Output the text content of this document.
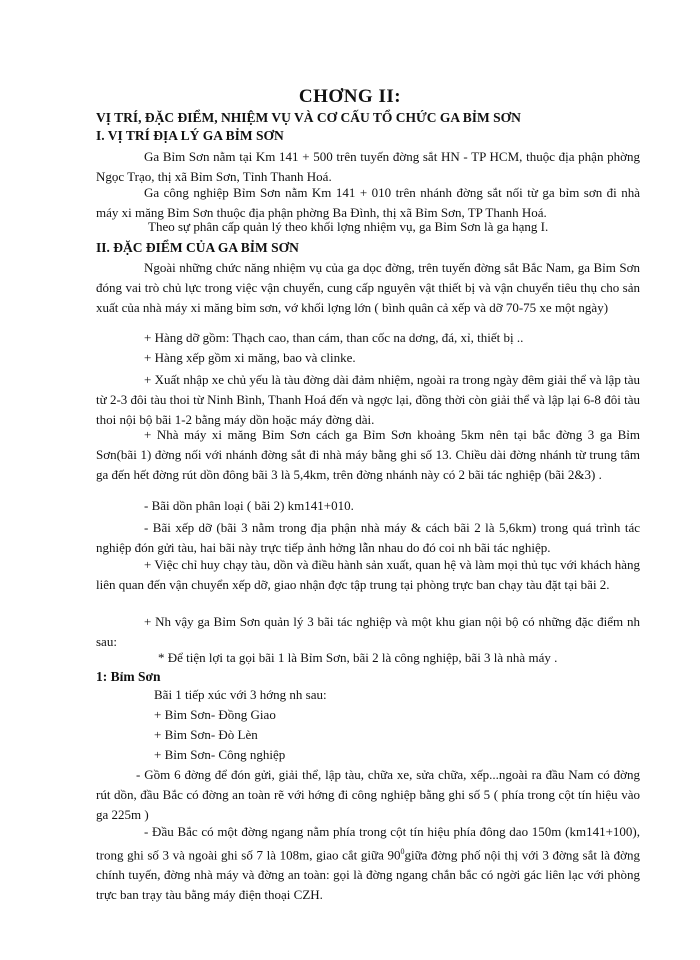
CHƠNG II:
VỊ TRÍ, ĐẶC ĐIỂM, NHIỆM VỤ VÀ CƠ CẤU TỔ CHỨC GA BỈM SƠN
I. VỊ TRÍ ĐỊA LÝ GA BỈM SƠN
Ga Bỉm Sơn nằm tại Km 141 + 500 trên tuyến đờng sắt HN - TP HCM, thuộc địa phận phờng Ngọc Trạo, thị xã Bỉm Sơn, Tỉnh Thanh Hoá.
Ga công nghiệp Bỉm Sơn nằm Km 141 + 010 trên nhánh đờng sắt nối từ ga bỉm sơn đi nhà máy xi măng Bỉm Sơn thuộc địa phận phờng Ba Đình, thị xã Bỉm Sơn, TP Thanh Hoá.
Theo sự phân cấp quản lý theo khối lợng nhiệm vụ, ga Bỉm Sơn là ga hạng I.
II. ĐẶC ĐIỂM CỦA GA BỈM SƠN
Ngoài những chức năng nhiệm vụ của ga dọc đờng, trên tuyến đờng sắt Bắc Nam, ga Bỉm Sơn đóng vai trò chủ lực trong việc vận chuyển, cung cấp nguyên vật thiết bị và vận chuyển tiêu thụ cho sản xuất của nhà máy xi măng bỉm sơn, vớ khối lợng lớn ( bình quân cả xếp và dỡ 70-75 xe một ngày)
+ Hàng dỡ gồm: Thạch cao, than cám, than cốc na dơng, đá, xỉ, thiết bị ..
+ Hàng xếp gồm xi măng, bao và clinke.
+ Xuất nhập xe chủ yếu là tàu đờng dài đảm nhiệm, ngoài ra trong ngày đêm giải thể và lập tàu từ 2-3 đôi tàu thoi từ Ninh Bình, Thanh Hoá đến và ngợc lại, đồng thời còn giải thể và lập lại 6-8 đôi tàu thoi nội bộ bãi 1-2 bằng máy dồn hoặc máy đờng dài.
+ Nhà máy xi măng Bỉm Sơn cách ga Bỉm Sơn khoảng 5km nên tại bắc đờng 3 ga Bỉm Sơn(bãi 1) đờng nối với nhánh đờng sắt đi nhà máy bằng ghi số 13. Chiều dài đờng nhánh từ trung tâm ga đến hết đờng rút dồn đông bãi 3 là 5,4km, trên đờng nhánh này có 2 bãi tác nghiệp (bãi 2&3) .
- Bãi dồn phân loại ( bãi 2) km141+010.
- Bãi xếp dỡ (bãi 3 nằm trong địa phận nhà máy & cách bãi 2 là 5,6km) trong quá trình tác nghiệp đón gửi tàu, hai bãi này trực tiếp ảnh hởng lẫn nhau do đó coi nh bãi tác nghiệp.
+ Việc chỉ huy chạy tàu, dồn và điều hành sản xuất, quan hệ và làm mọi thủ tục với khách hàng liên quan đến vận chuyển xếp dỡ, giao nhận đợc tập trung tại phòng trực ban chạy tàu đặt tại bãi 2.
+ Nh vậy ga Bỉm Sơn quản lý 3 bãi tác nghiệp và một khu gian nội bộ có những đặc điểm nh sau:
* Để tiện lợi ta gọi bãi 1 là Bỉm Sơn, bãi 2 là công nghiệp, bãi 3 là nhà máy .
1: Bỉm Sơn
Bãi 1 tiếp xúc với 3 hớng nh sau:
+ Bỉm Sơn- Đồng Giao
+ Bỉm Sơn- Đò Lèn
+ Bỉm Sơn- Công nghiệp
- Gồm 6 đờng để đón gửi, giải thể, lập tàu, chữa xe, sửa chữa, xếp...ngoài ra đầu Nam có đờng rút dồn, đầu Bắc có đờng an toàn rẽ với hớng đi công nghiệp bằng ghi số 5 ( phía trong cột tín hiệu vào ga 225m )
- Đầu Bắc có một đờng ngang nằm phía trong cột tín hiệu phía đông dao 150m (km141+100), trong ghi số 3 và ngoài ghi số 7 là 108m, giao cắt giữa $90^0giữa$ đờng phố nội thị với 3 đờng sắt là đờng chính tuyến, đờng nhà máy và đờng an toàn: gọi là đờng ngang chắn bắc có ngời gác liên lạc với phòng trực ban trạy tàu bằng máy điện thoại CZH.
